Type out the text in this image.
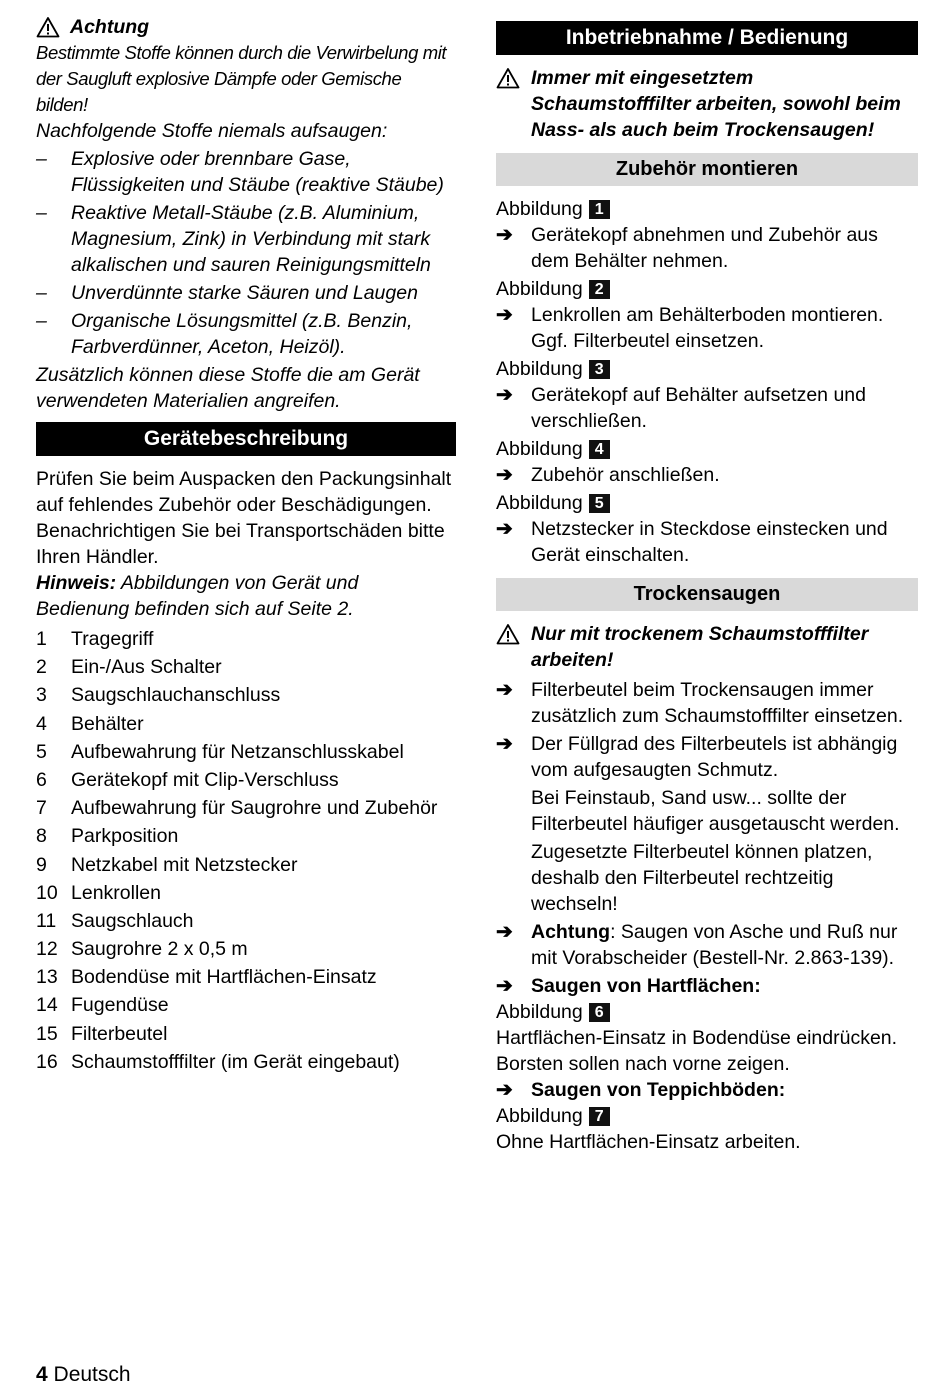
Achtung

Bestimmte Stoffe können durch die Verwirbelung mit der Saugluft explosive Dämpfe oder Gemische bilden!

Nachfolgende Stoffe niemals aufsaugen:

–	Explosive oder brennbare Gase, Flüssigkeiten und Stäube (reaktive Stäube)
–	Reaktive Metall-Stäube (z.B. Aluminium, Magnesium, Zink) in Verbindung mit stark alkalischen und sauren Reinigungsmitteln
–	Unverdünnte starke Säuren und Laugen
–	Organische Lösungsmittel (z.B. Benzin, Farbverdünner, Aceton, Heizöl).

Zusätzlich können diese Stoffe die am Gerät verwendeten Materialien angreifen.

Gerätebeschreibung

Prüfen Sie beim Auspacken den Packungsinhalt auf fehlendes Zubehör oder Beschädigungen. Benachrichtigen Sie bei Transportschäden bitte Ihren Händler.

Hinweis: Abbildungen von Gerät und Bedienung befinden sich auf Seite 2.

1	Tragegriff
2	Ein-/Aus Schalter
3	Saugschlauchanschluss
4	Behälter
5	Aufbewahrung für Netzanschlusskabel
6	Gerätekopf mit Clip-Verschluss
7	Aufbewahrung für Saugrohre und Zubehör
8	Parkposition
9	Netzkabel mit Netzstecker
10 Lenkrollen
11 Saugschlauch
12 Saugrohre 2 x 0,5 m
13 Bodendüse mit Hartflächen-Einsatz
14 Fugendüse
15 Filterbeutel
16 Schaumstofffilter (im Gerät eingebaut)
Inbetriebnahme / Bedienung
Immer mit eingesetztem Schaumstofffilter arbeiten, sowohl beim Nass- als auch beim Trockensaugen!
Zubehör montieren
Abbildung 1
➔ Gerätekopf abnehmen und Zubehör aus dem Behälter nehmen.
Abbildung 2
➔ Lenkrollen am Behälterboden montieren. Ggf. Filterbeutel einsetzen.
Abbildung 3
➔ Gerätekopf auf Behälter aufsetzen und verschließen.
Abbildung 4
➔ Zubehör anschließen.
Abbildung 5
➔ Netzstecker in Steckdose einstecken und Gerät einschalten.
Trockensaugen
Nur mit trockenem Schaumstofffilter arbeiten!
➔ Filterbeutel beim Trockensaugen immer zusätzlich zum Schaumstofffilter einsetzen.
➔ Der Füllgrad des Filterbeutels ist abhängig vom aufgesaugten Schmutz.

Bei Feinstaub, Sand usw... sollte der Filterbeutel häufiger ausgetauscht werden.

Zugesetzte Filterbeutel können platzen, deshalb den Filterbeutel rechtzeitig wechseln!

➔ Achtung: Saugen von Asche und Ruß nur mit Vorabscheider (Bestell-Nr. 2.863-139).
➔ Saugen von Hartflächen:
Abbildung 6

Hartflächen-Einsatz in Bodendüse eindrücken. Borsten sollen nach vorne zeigen.

➔ Saugen von Teppichböden:
Abbildung 7

Ohne Hartflächen-Einsatz arbeiten.

4 Deutsch
